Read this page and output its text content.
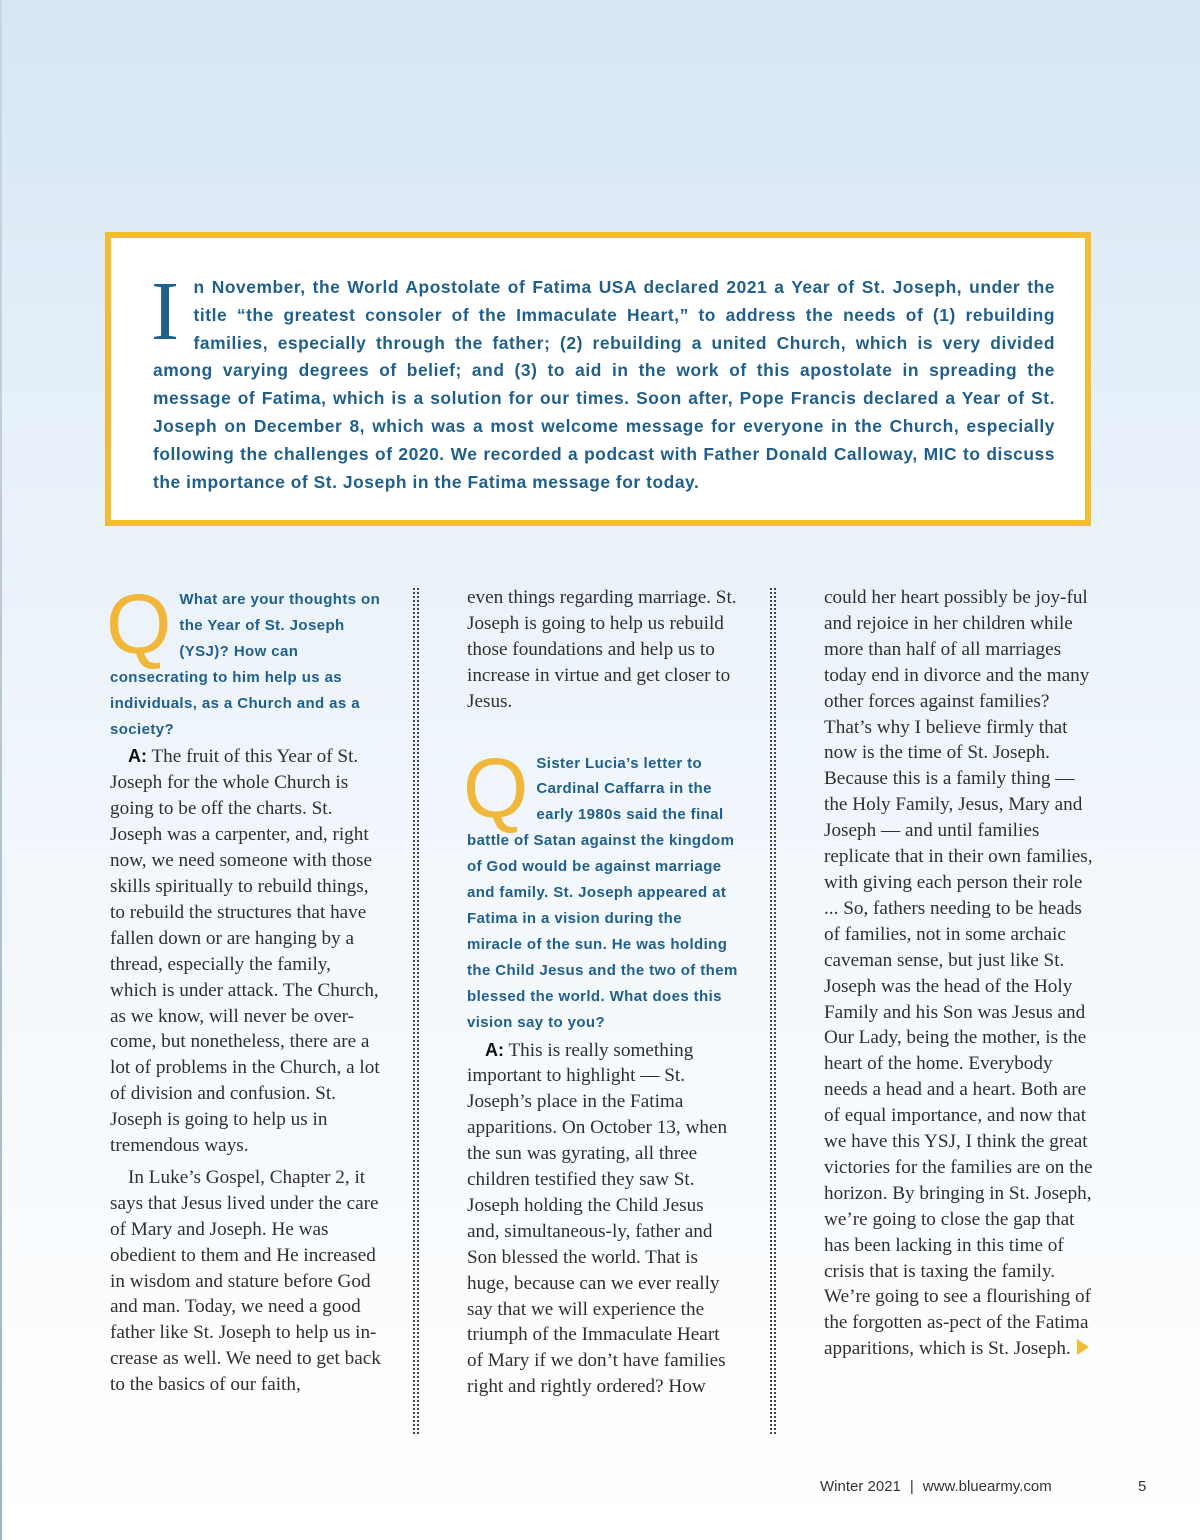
In November, the World Apostolate of Fatima USA declared 2021 a Year of St. Joseph, under the title “the greatest consoler of the Immaculate Heart,” to address the needs of (1) rebuilding families, especially through the father; (2) rebuilding a united Church, which is very divided among varying degrees of belief; and (3) to aid in the work of this apostolate in spreading the message of Fatima, which is a solution for our times. Soon after, Pope Francis declared a Year of St. Joseph on December 8, which was a most welcome message for everyone in the Church, especially following the challenges of 2020. We recorded a podcast with Father Donald Calloway, MIC to discuss the importance of St. Joseph in the Fatima message for today.

Q What are your thoughts on the Year of St. Joseph (YSJ)? How can consecrating to him help us as individuals, as a Church and as a society?

A: The fruit of this Year of St. Joseph for the whole Church is going to be off the charts. St. Joseph was a carpenter, and, right now, we need someone with those skills spiritually to rebuild things, to rebuild the structures that have fallen down or are hanging by a thread, especially the family, which is under attack. The Church, as we know, will never be over-come, but nonetheless, there are a lot of problems in the Church, a lot of division and confusion. St. Joseph is going to help us in tremendous ways.

In Luke’s Gospel, Chapter 2, it says that Jesus lived under the care of Mary and Joseph. He was obedient to them and He increased in wisdom and stature before God and man. Today, we need a good father like St. Joseph to help us in-crease as well. We need to get back to the basics of our faith,

even things regarding marriage. St. Joseph is going to help us rebuild those foundations and help us to increase in virtue and get closer to Jesus.

Q Sister Lucia’s letter to Cardinal Caffarra in the early 1980s said the final battle of Satan against the kingdom of God would be against marriage and family. St. Joseph appeared at Fatima in a vision during the miracle of the sun. He was holding the Child Jesus and the two of them blessed the world. What does this vision say to you?

A: This is really something important to highlight — St. Joseph’s place in the Fatima apparitions. On October 13, when the sun was gyrating, all three children testified they saw St. Joseph holding the Child Jesus and, simultaneous-ly, father and Son blessed the world. That is huge, because can we ever really say that we will experience the triumph of the Immaculate Heart of Mary if we don’t have families right and rightly ordered? How

could her heart possibly be joy-ful and rejoice in her children while more than half of all marriages today end in divorce and the many other forces against families? That’s why I believe firmly that now is the time of St. Joseph. Because this is a family thing — the Holy Family, Jesus, Mary and Joseph — and until families replicate that in their own families, with giving each person their role ... So, fathers needing to be heads of families, not in some archaic caveman sense, but just like St. Joseph was the head of the Holy Family and his Son was Jesus and Our Lady, being the mother, is the heart of the home. Everybody needs a head and a heart. Both are of equal importance, and now that we have this YSJ, I think the great victories for the families are on the horizon. By bringing in St. Joseph, we’re going to close the gap that has been lacking in this time of crisis that is taxing the family. We’re going to see a flourishing of the forgotten as-pect of the Fatima apparitions, which is St. Joseph.

Winter 2021 | www.bluearmy.com	5
